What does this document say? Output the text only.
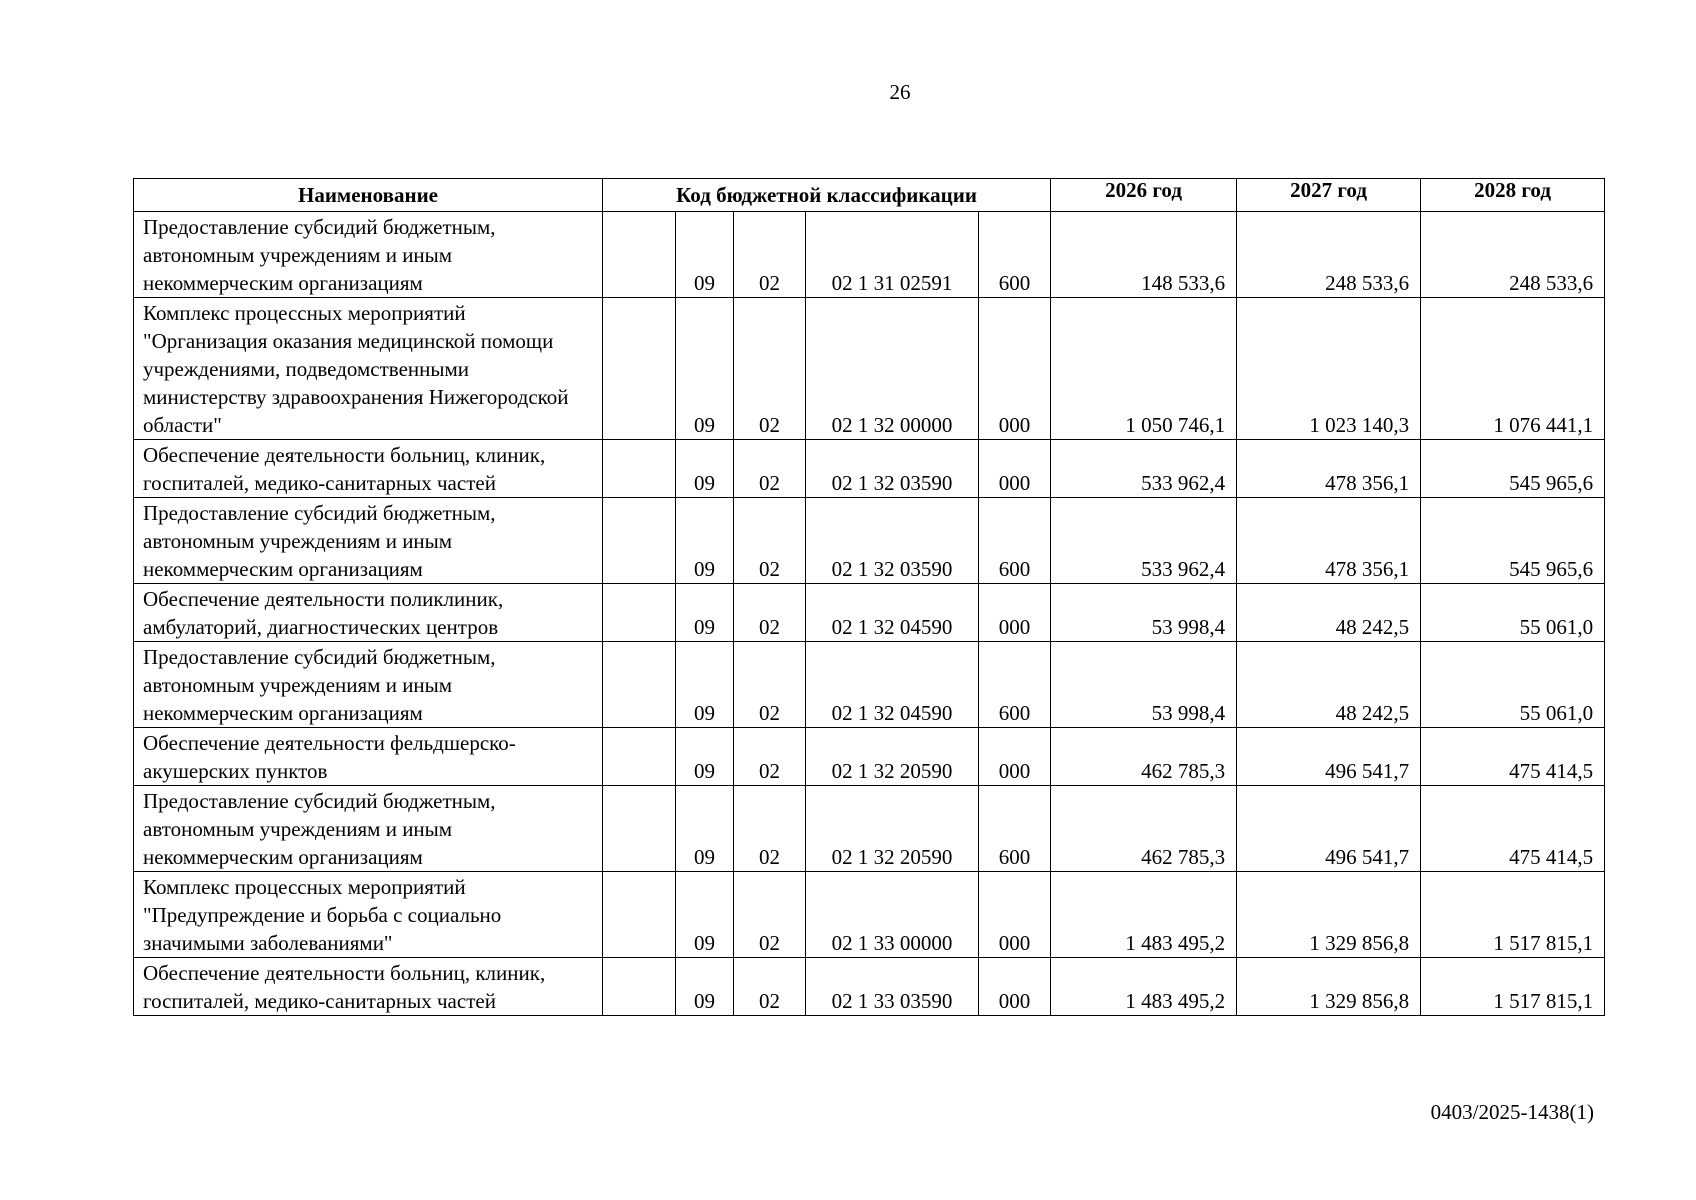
26
Наименование	Код бюджетной классификации					2026 год	2027 год	2028 год
Предоставление субсидий бюджетным, автономным учреждениям и иным некоммерческим организациям		09	02	02 1 31 02591	600	148 533,6	248 533,6	248 533,6
Комплекс процессных мероприятий "Организация оказания медицинской помощи учреждениями, подведомственными министерству здравоохранения Нижегородской области"		09	02	02 1 32 00000	000	1 050 746,1	1 023 140,3	1 076 441,1
Обеспечение деятельности больниц, клиник, госпиталей, медико-санитарных частей		09	02	02 1 32 03590	000	533 962,4	478 356,1	545 965,6
Предоставление субсидий бюджетным, автономным учреждениям и иным некоммерческим организациям		09	02	02 1 32 03590	600	533 962,4	478 356,1	545 965,6
Обеспечение деятельности поликлиник, амбулаторий, диагностических центров		09	02	02 1 32 04590	000	53 998,4	48 242,5	55 061,0
Предоставление субсидий бюджетным, автономным учреждениям и иным некоммерческим организациям		09	02	02 1 32 04590	600	53 998,4	48 242,5	55 061,0
Обеспечение деятельности фельдшерско-акушерских пунктов		09	02	02 1 32 20590	000	462 785,3	496 541,7	475 414,5
Предоставление субсидий бюджетным, автономным учреждениям и иным некоммерческим организациям		09	02	02 1 32 20590	600	462 785,3	496 541,7	475 414,5
Комплекс процессных мероприятий "Предупреждение и борьба с социально значимыми заболеваниями"		09	02	02 1 33 00000	000	1 483 495,2	1 329 856,8	1 517 815,1
Обеспечение деятельности больниц, клиник, госпиталей, медико-санитарных частей		09	02	02 1 33 03590	000	1 483 495,2	1 329 856,8	1 517 815,1
0403/2025-1438(1)
